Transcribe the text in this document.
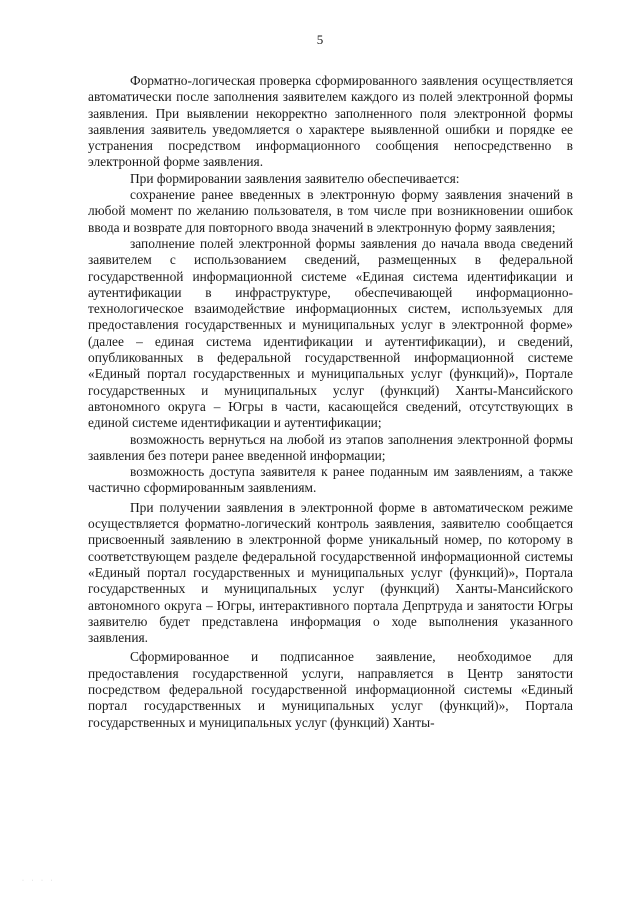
5

Форматно-логическая проверка сформированного заявления осуществляется автоматически после заполнения заявителем каждого из полей электронной формы заявления. При выявлении некорректно заполненного поля электронной формы заявления заявитель уведомляется о характере выявленной ошибки и порядке ее устранения посредством информационного сообщения непосредственно в электронной форме заявления.

При формировании заявления заявителю обеспечивается:

сохранение ранее введенных в электронную форму заявления значений в любой момент по желанию пользователя, в том числе при возникновении ошибок ввода и возврате для повторного ввода значений в электронную форму заявления;

заполнение полей электронной формы заявления до начала ввода сведений заявителем с использованием сведений, размещенных в федеральной государственной информационной системе «Единая система идентификации и аутентификации в инфраструктуре, обеспечивающей информационно-технологическое взаимодействие информационных систем, используемых для предоставления государственных и муниципальных услуг в электронной форме» (далее – единая система идентификации и аутентификации), и сведений, опубликованных в федеральной государственной информационной системе «Единый портал государственных и муниципальных услуг (функций)», Портале государственных и муниципальных услуг (функций) Ханты-Мансийского автономного округа – Югры в части, касающейся сведений, отсутствующих в единой системе идентификации и аутентификации;

возможность вернуться на любой из этапов заполнения электронной формы заявления без потери ранее введенной информации;

возможность доступа заявителя к ранее поданным им заявлениям, а также частично сформированным заявлениям.

При получении заявления в электронной форме в автоматическом режиме осуществляется форматно-логический контроль заявления, заявителю сообщается присвоенный заявлению в электронной форме уникальный номер, по которому в соответствующем разделе федеральной государственной информационной системы «Единый портал государственных и муниципальных услуг (функций)», Портала государственных и муниципальных услуг (функций) Ханты-Мансийского автономного округа – Югры, интерактивного портала Депртруда и занятости Югры заявителю будет представлена информация о ходе выполнения указанного заявления.

Сформированное и подписанное заявление, необходимое для предоставления государственной услуги, направляется в Центр занятости посредством федеральной государственной информационной системы «Единый портал государственных и муниципальных услуг (функций)», Портала государственных и муниципальных услуг (функций) Ханты-

· · · ·
